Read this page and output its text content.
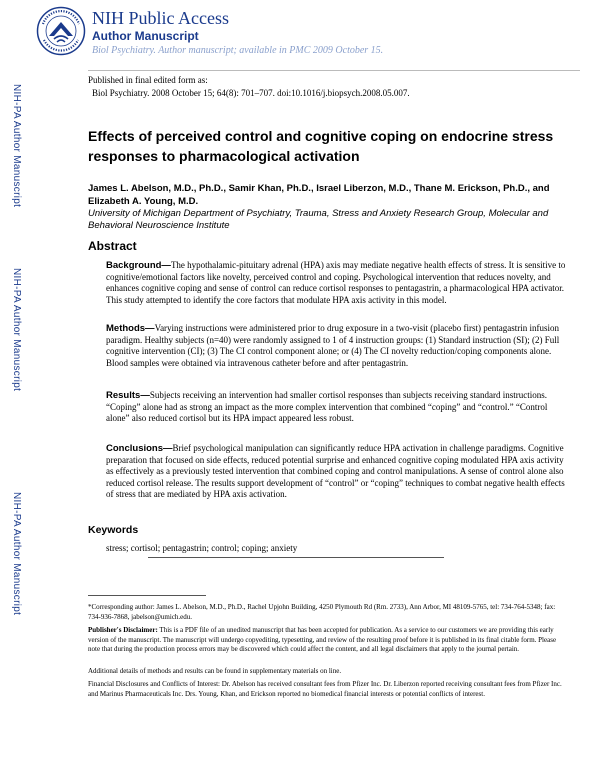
NIH-PA Author Manuscript
NIH-PA Author Manuscript
NIH-PA Author Manuscript
NIH Public Access
Author Manuscript
Biol Psychiatry. Author manuscript; available in PMC 2009 October 15.
Published in final edited form as:
Biol Psychiatry. 2008 October 15; 64(8): 701–707. doi:10.1016/j.biopsych.2008.05.007.
Effects of perceived control and cognitive coping on endocrine stress responses to pharmacological activation
James L. Abelson, M.D., Ph.D., Samir Khan, Ph.D., Israel Liberzon, M.D., Thane M. Erickson, Ph.D., and Elizabeth A. Young, M.D.
University of Michigan Department of Psychiatry, Trauma, Stress and Anxiety Research Group, Molecular and Behavioral Neuroscience Institute
Abstract
Background—The hypothalamic-pituitary adrenal (HPA) axis may mediate negative health effects of stress. It is sensitive to cognitive/emotional factors like novelty, perceived control and coping. Psychological intervention that reduces novelty, and enhances cognitive coping and sense of control can reduce cortisol responses to pentagastrin, a pharmacological HPA activator. This study attempted to identify the core factors that modulate HPA axis activity in this model.
Methods—Varying instructions were administered prior to drug exposure in a two-visit (placebo first) pentagastrin infusion paradigm. Healthy subjects (n=40) were randomly assigned to 1 of 4 instruction groups: (1) Standard instruction (SI); (2) Full cognitive intervention (CI); (3) The CI control component alone; or (4) The CI novelty reduction/coping components alone. Blood samples were obtained via intravenous catheter before and after pentagastrin.
Results—Subjects receiving an intervention had smaller cortisol responses than subjects receiving standard instructions. “Coping” alone had as strong an impact as the more complex intervention that combined “coping” and “control.” “Control alone” also reduced cortisol but its HPA impact appeared less robust.
Conclusions—Brief psychological manipulation can significantly reduce HPA activation in challenge paradigms. Cognitive preparation that focused on side effects, reduced potential surprise and enhanced cognitive coping modulated HPA axis activity as effectively as a previously tested intervention that combined coping and control manipulations. A sense of control alone also reduced cortisol release. The results support development of “control” or “coping” techniques to combat negative health effects of stress that are mediated by HPA axis activation.
Keywords
stress; cortisol; pentagastrin; control; coping; anxiety
*Corresponding author: James L. Abelson, M.D., Ph.D., Rachel Upjohn Building, 4250 Plymouth Rd (Rm. 2733), Ann Arbor, MI 48109-5765, tel: 734-764-5348; fax: 734-936-7868, jabelson@umich.edu.
Publisher's Disclaimer: This is a PDF file of an unedited manuscript that has been accepted for publication. As a service to our customers we are providing this early version of the manuscript. The manuscript will undergo copyediting, typesetting, and review of the resulting proof before it is published in its final citable form. Please note that during the production process errors may be discovered which could affect the content, and all legal disclaimers that apply to the journal pertain.
Additional details of methods and results can be found in supplementary materials on line.
Financial Disclosures and Conflicts of Interest: Dr. Abelson has received consultant fees from Pfizer Inc. Dr. Liberzon reported receiving consultant fees from Pfizer Inc. and Marinus Pharmaceuticals Inc. Drs. Young, Khan, and Erickson reported no biomedical financial interests or potential conflicts of interest.
